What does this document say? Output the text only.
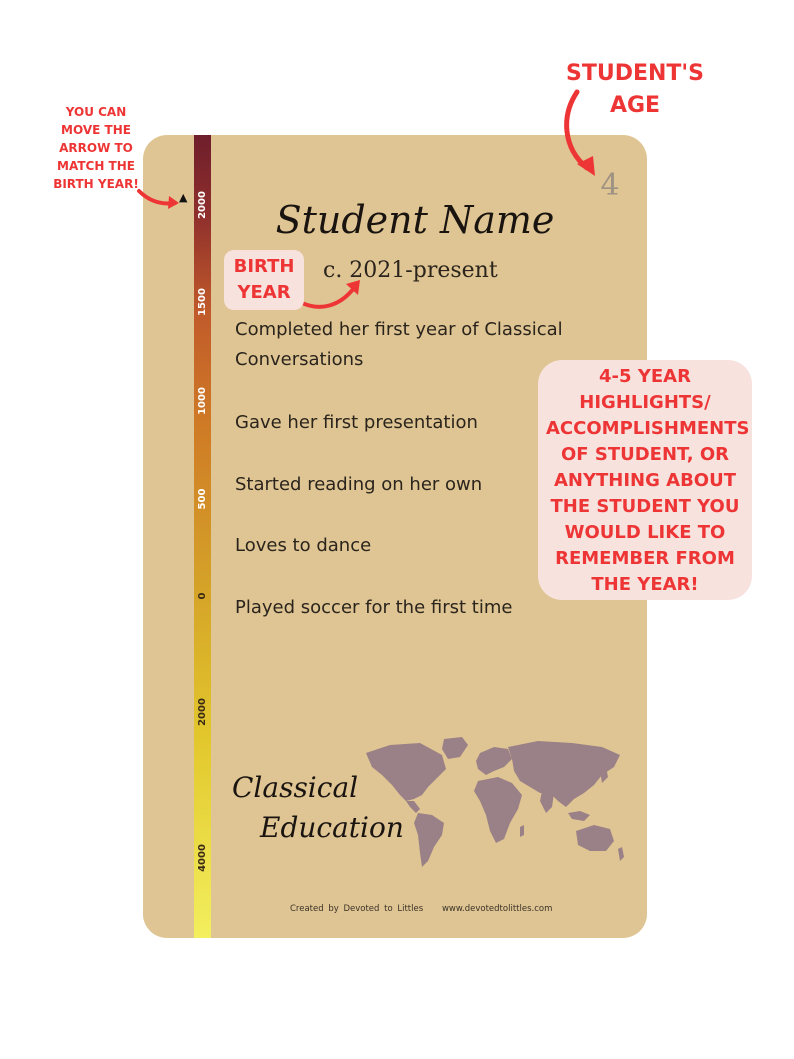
YOU CAN
MOVE THE
ARROW TO
MATCH THE
BIRTH YEAR!
STUDENT'S
AGE
2000
1500
1000
500
0
2000
4000
▲	4
Student Name
BIRTH
YEAR
c. 2021-present
Completed her first year of Classical Conversations
Gave her first presentation
Started reading on her own
Loves to dance
Played soccer for the first time
4-5 YEAR
HIGHLIGHTS/
ACCOMPLISHMENTS
OF STUDENT, OR
ANYTHING ABOUT
THE STUDENT YOU
WOULD LIKE TO
REMEMBER FROM
THE YEAR!
Classical
Education
Created by Devoted to Littles www.devotedtolittles.com
